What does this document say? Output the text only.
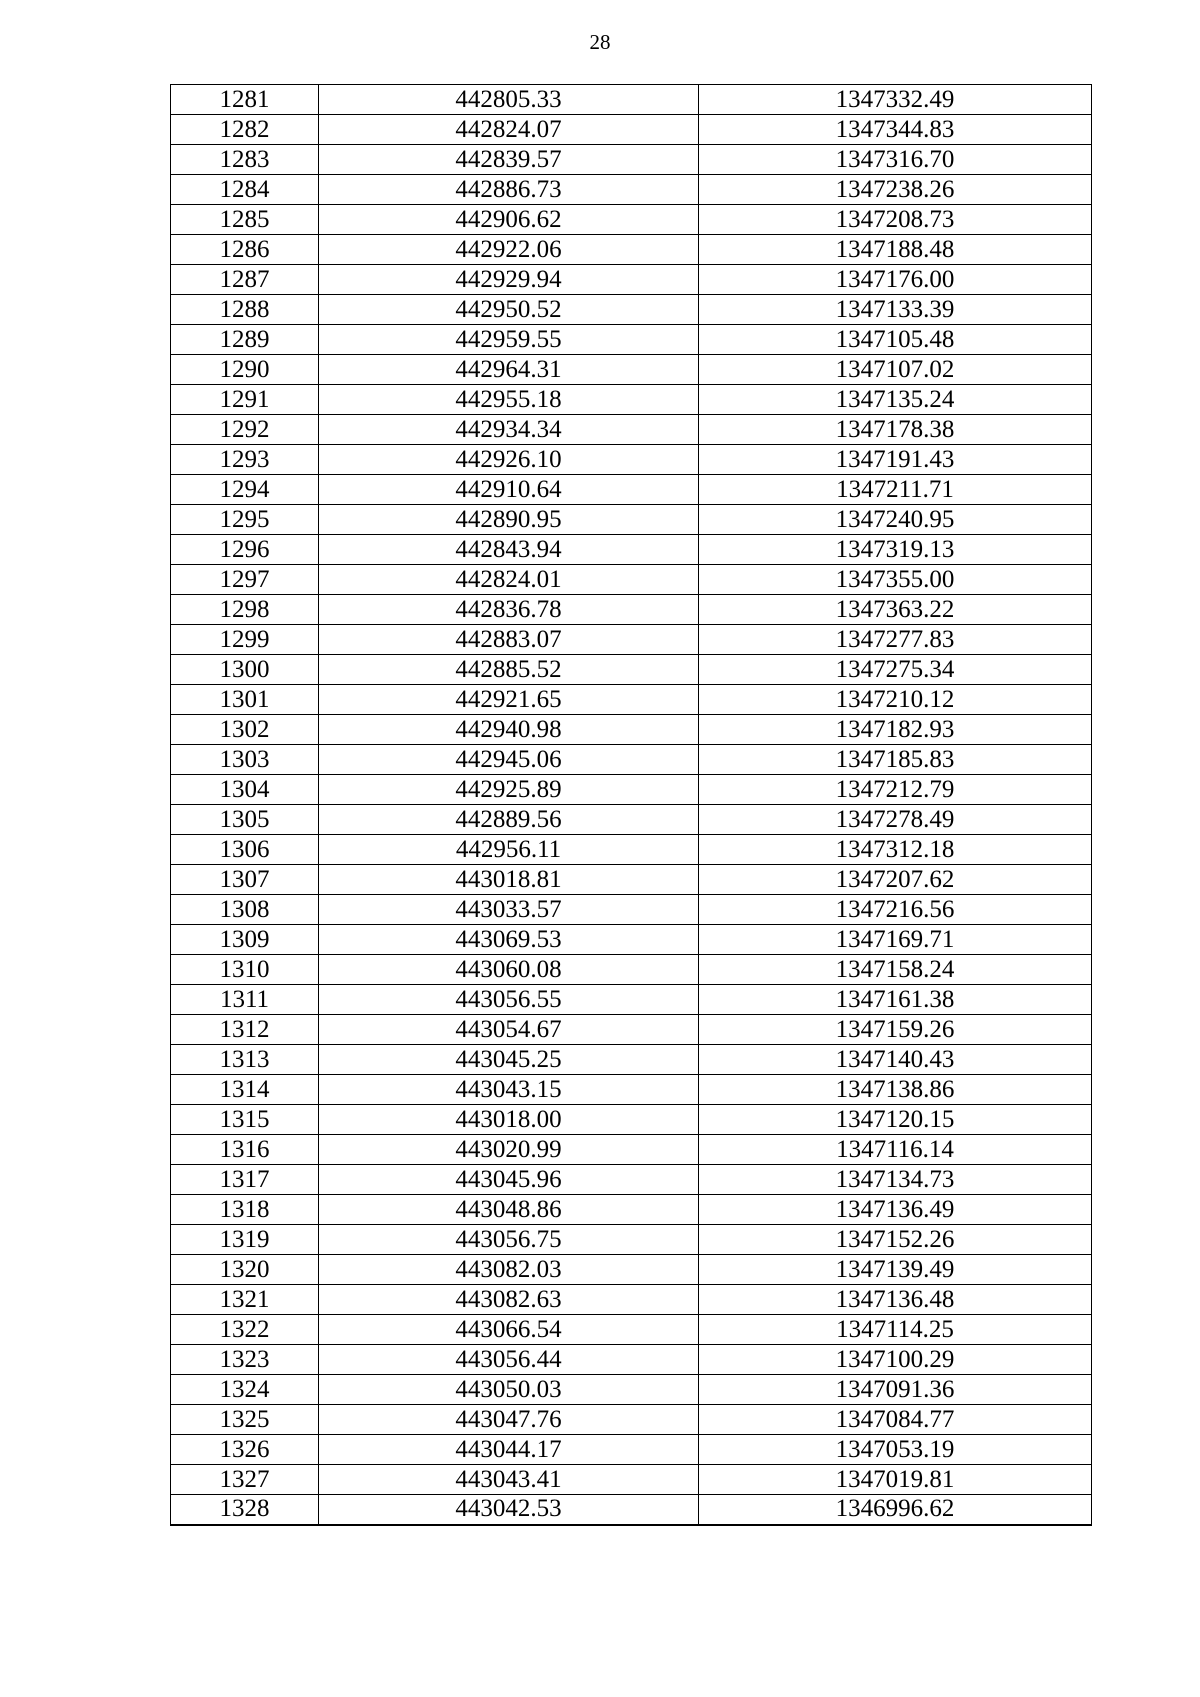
28
1281	442805.33	1347332.49
1282	442824.07	1347344.83
1283	442839.57	1347316.70
1284	442886.73	1347238.26
1285	442906.62	1347208.73
1286	442922.06	1347188.48
1287	442929.94	1347176.00
1288	442950.52	1347133.39
1289	442959.55	1347105.48
1290	442964.31	1347107.02
1291	442955.18	1347135.24
1292	442934.34	1347178.38
1293	442926.10	1347191.43
1294	442910.64	1347211.71
1295	442890.95	1347240.95
1296	442843.94	1347319.13
1297	442824.01	1347355.00
1298	442836.78	1347363.22
1299	442883.07	1347277.83
1300	442885.52	1347275.34
1301	442921.65	1347210.12
1302	442940.98	1347182.93
1303	442945.06	1347185.83
1304	442925.89	1347212.79
1305	442889.56	1347278.49
1306	442956.11	1347312.18
1307	443018.81	1347207.62
1308	443033.57	1347216.56
1309	443069.53	1347169.71
1310	443060.08	1347158.24
1311	443056.55	1347161.38
1312	443054.67	1347159.26
1313	443045.25	1347140.43
1314	443043.15	1347138.86
1315	443018.00	1347120.15
1316	443020.99	1347116.14
1317	443045.96	1347134.73
1318	443048.86	1347136.49
1319	443056.75	1347152.26
1320	443082.03	1347139.49
1321	443082.63	1347136.48
1322	443066.54	1347114.25
1323	443056.44	1347100.29
1324	443050.03	1347091.36
1325	443047.76	1347084.77
1326	443044.17	1347053.19
1327	443043.41	1347019.81
1328	443042.53	1346996.62
